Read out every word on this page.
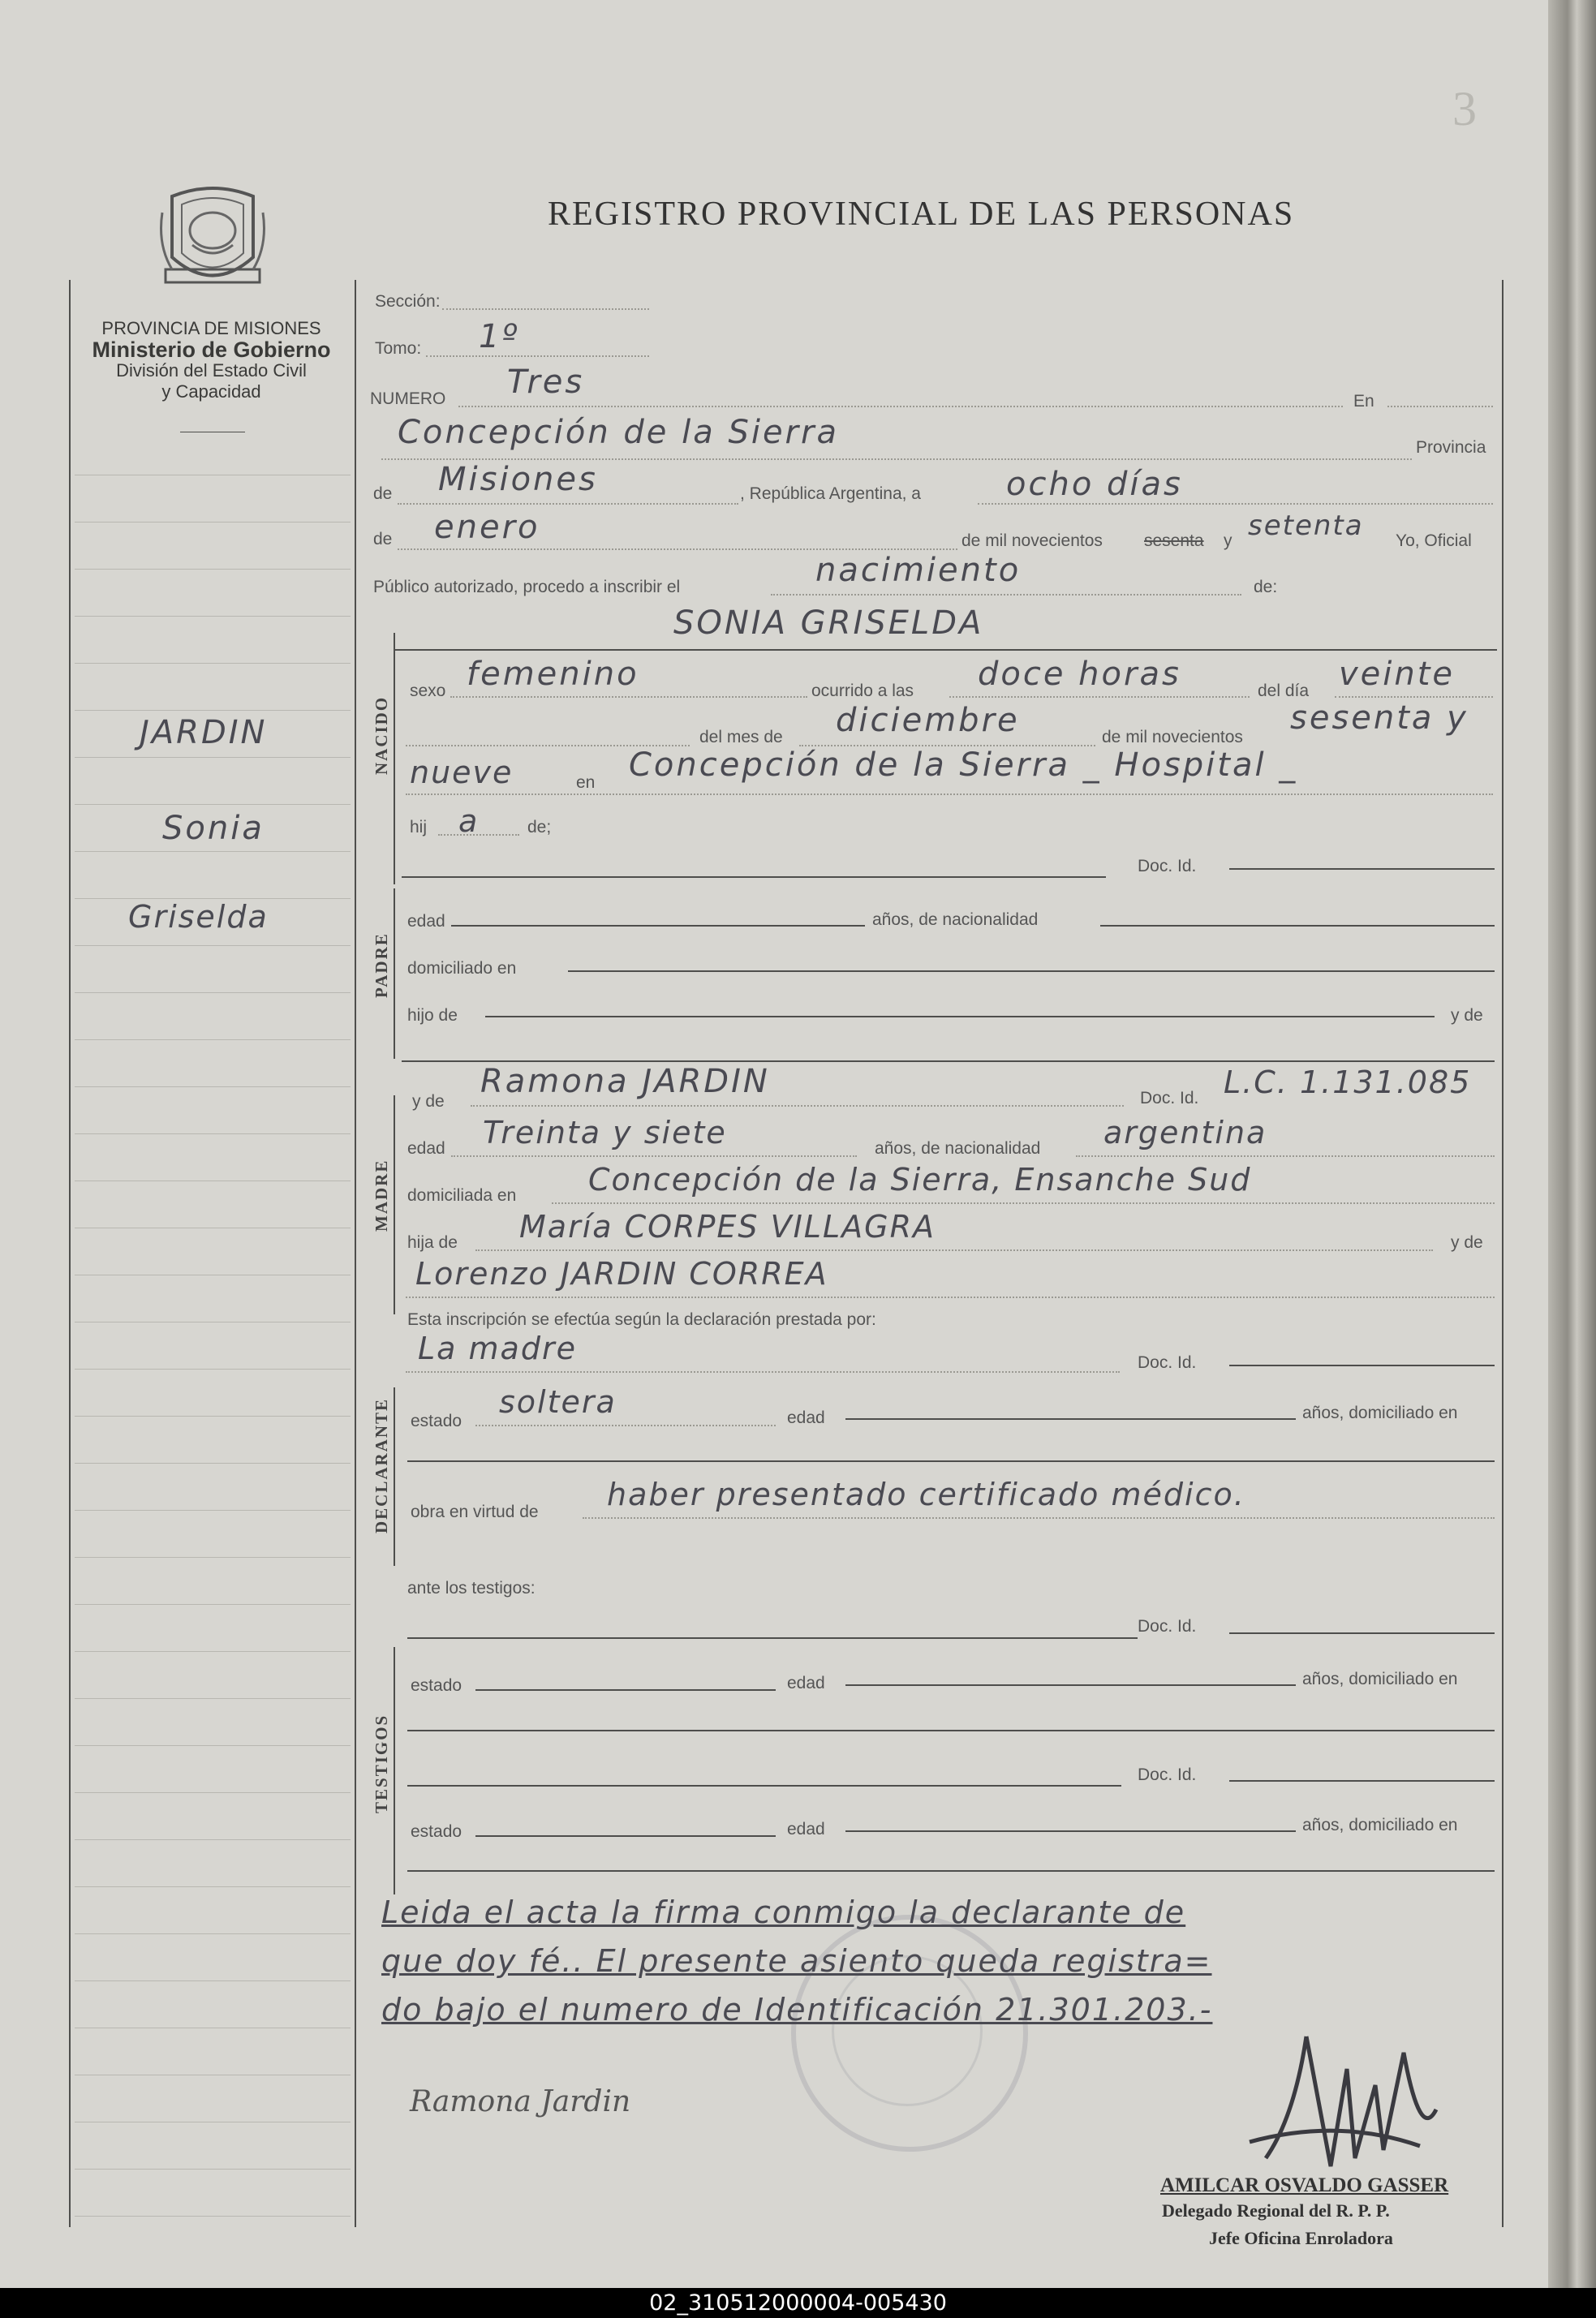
3
REGISTRO PROVINCIAL DE LAS PERSONAS
PROVINCIA DE MISIONES
Ministerio de Gobierno
División del Estado Civil
y Capacidad
JARDIN
Sonia
Griselda
Sección:
Tomo: 1º
NUMERO Tres
En
Concepción de la Sierra	Provincia
de Misiones	, República Argentina, a	ocho días
de enero	de mil novecientos sesenta y setenta Yo, Oficial
Público autorizado, procedo a inscribir el	nacimiento	de:
SONIA GRISELDA
NACIDO
sexo femenino	ocurrido a las doce horas	del día veinte
del mes de diciembre	de mil novecientos
sesenta y
nueve	en Concepción de la Sierra _ Hospital _
hij a	de;
Doc. Id.
PADRE
edad	años, de nacionalidad
domiciliado en
hijo de	y de
y de
Ramona JARDIN	Doc. Id. L.C. 1.131.085
MADRE
edad Treinta y siete	años, de nacionalidad argentina
domiciliada en Concepción de la Sierra, Ensanche Sud
hija de María CORPES VILLAGRA	y de
Lorenzo JARDIN CORREA
Esta inscripción se efectúa según la declaración prestada por:
La madre	Doc. Id.
DECLARANTE estado
soltera	edad	años, domiciliado en
obra en virtud de haber presentado certificado médico.
ante los testigos:
Doc. Id.
TESTIGOS
estado	edad	años, domiciliado en
Doc. Id.
estado	edad	años, domiciliado en
Leida el acta la firma conmigo la declarante de
que doy fé.. El presente asiento queda registra=
do bajo el numero de Identificación 21.301.203.-
Ramona Jardin
AMILCAR OSVALDO GASSER
Delegado Regional del R. P. P.
Jefe Oficina Enroladora
02_310512000004-005430
